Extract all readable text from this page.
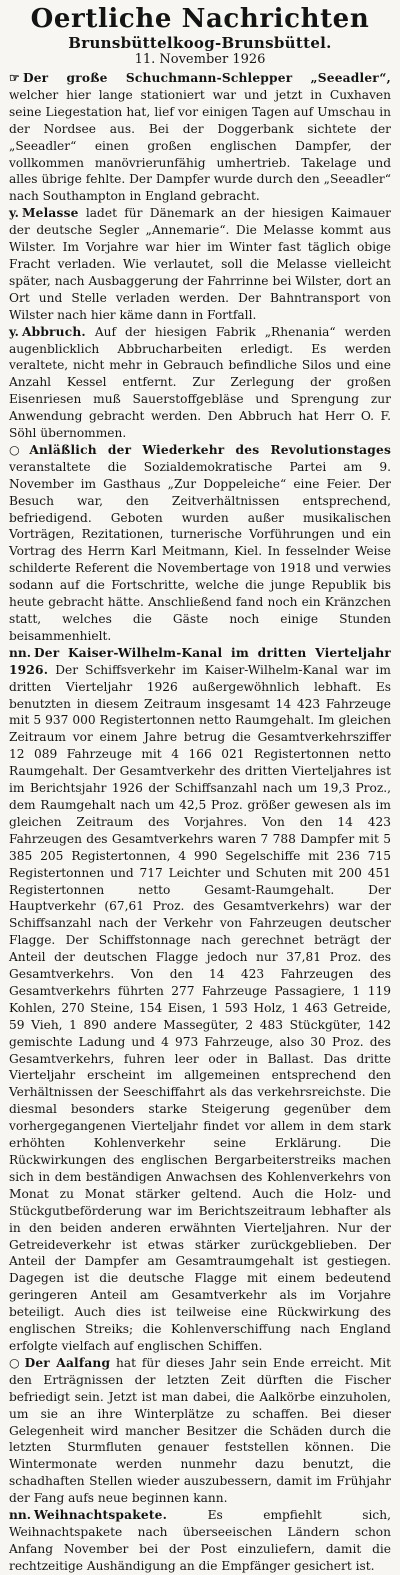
Oertliche Nachrichten
Brunsbüttelkoog-Brunsbüttel.
11. November 1926

☞ Der große Schuchmann-Schlepper „Seeadler“, welcher hier lange stationiert war und jetzt in Cuxhaven seine Liegestation hat, lief vor einigen Tagen auf Umschau in der Nordsee aus. Bei der Doggerbank sichtete der „Seeadler“ einen großen englischen Dampfer, der vollkommen manövrierunfähig umhertrieb. Takelage und alles übrige fehlte. Der Dampfer wurde durch den „Seeadler“ nach Southampton in England gebracht.

y. Melasse ladet für Dänemark an der hiesigen Kaimauer der deutsche Segler „Annemarie“. Die Melasse kommt aus Wilster. Im Vorjahre war hier im Winter fast täglich obige Fracht verladen. Wie verlautet, soll die Melasse vielleicht später, nach Ausbaggerung der Fahrrinne bei Wilster, dort an Ort und Stelle verladen werden. Der Bahntransport von Wilster nach hier käme dann in Fortfall.

y. Abbruch. Auf der hiesigen Fabrik „Rhenania“ werden augenblicklich Abbrucharbeiten erledigt. Es werden veraltete, nicht mehr in Gebrauch befindliche Silos und eine Anzahl Kessel entfernt. Zur Zerlegung der großen Eisenriesen muß Sauerstoffgebläse und Sprengung zur Anwendung gebracht werden. Den Abbruch hat Herr O. F. Söhl übernommen.

○ Anläßlich der Wiederkehr des Revolutionstages veranstaltete die Sozialdemokratische Partei am 9. November im Gasthaus „Zur Doppeleiche“ eine Feier. Der Besuch war, den Zeitverhältnissen entsprechend, befriedigend. Geboten wurden außer musikalischen Vorträgen, Rezitationen, turnerische Vorführungen und ein Vortrag des Herrn Karl Meitmann, Kiel. In fesselnder Weise schilderte Referent die Novembertage von 1918 und verwies sodann auf die Fortschritte, welche die junge Republik bis heute gebracht hätte. Anschließend fand noch ein Kränzchen statt, welches die Gäste noch einige Stunden beisammenhielt.

nn. Der Kaiser-Wilhelm-Kanal im dritten Vierteljahr 1926. Der Schiffsverkehr im Kaiser-Wilhelm-Kanal war im dritten Vierteljahr 1926 außergewöhnlich lebhaft. Es benutzten in diesem Zeitraum insgesamt 14 423 Fahrzeuge mit 5 937 000 Registertonnen netto Raumgehalt. Im gleichen Zeitraum vor einem Jahre betrug die Gesamtverkehrsziffer 12 089 Fahrzeuge mit 4 166 021 Registertonnen netto Raumgehalt. Der Gesamtverkehr des dritten Vierteljahres ist im Berichtsjahr 1926 der Schiffsanzahl nach um 19,3 Proz., dem Raumgehalt nach um 42,5 Proz. größer gewesen als im gleichen Zeitraum des Vorjahres. Von den 14 423 Fahrzeugen des Gesamtverkehrs waren 7 788 Dampfer mit 5 385 205 Registertonnen, 4 990 Segelschiffe mit 236 715 Registertonnen und 717 Leichter und Schuten mit 200 451 Registertonnen netto Gesamt-Raumgehalt. Der Hauptverkehr (67,61 Proz. des Gesamtverkehrs) war der Schiffsanzahl nach der Verkehr von Fahrzeugen deutscher Flagge. Der Schiffstonnage nach gerechnet beträgt der Anteil der deutschen Flagge jedoch nur 37,81 Proz. des Gesamtverkehrs. Von den 14 423 Fahrzeugen des Gesamtverkehrs führten 277 Fahrzeuge Passagiere, 1 119 Kohlen, 270 Steine, 154 Eisen, 1 593 Holz, 1 463 Getreide, 59 Vieh, 1 890 andere Massegüter, 2 483 Stückgüter, 142 gemischte Ladung und 4 973 Fahrzeuge, also 30 Proz. des Gesamtverkehrs, fuhren leer oder in Ballast. Das dritte Vierteljahr erscheint im allgemeinen entsprechend den Verhältnissen der Seeschiffahrt als das verkehrsreichste. Die diesmal besonders starke Steigerung gegenüber dem vorhergegangenen Vierteljahr findet vor allem in dem stark erhöhten Kohlenverkehr seine Erklärung. Die Rückwirkungen des englischen Bergarbeiterstreiks machen sich in dem beständigen Anwachsen des Kohlenverkehrs von Monat zu Monat stärker geltend. Auch die Holz- und Stückgutbeförderung war im Berichtszeitraum lebhafter als in den beiden anderen erwähnten Vierteljahren. Nur der Getreideverkehr ist etwas stärker zurückgeblieben. Der Anteil der Dampfer am Gesamtraumgehalt ist gestiegen. Dagegen ist die deutsche Flagge mit einem bedeutend geringeren Anteil am Gesamtverkehr als im Vorjahre beteiligt. Auch dies ist teilweise eine Rückwirkung des englischen Streiks; die Kohlenverschiffung nach England erfolgte vielfach auf englischen Schiffen.

○ Der Aalfang hat für dieses Jahr sein Ende erreicht. Mit den Erträgnissen der letzten Zeit dürften die Fischer befriedigt sein. Jetzt ist man dabei, die Aalkörbe einzuholen, um sie an ihre Winterplätze zu schaffen. Bei dieser Gelegenheit wird mancher Besitzer die Schäden durch die letzten Sturmfluten genauer feststellen können. Die Wintermonate werden nunmehr dazu benutzt, die schadhaften Stellen wieder auszubessern, damit im Frühjahr der Fang aufs neue beginnen kann.

nn. Weihnachtspakete. Es empfiehlt sich, Weihnachtspakete nach überseeischen Ländern schon Anfang November bei der Post einzuliefern, damit die rechtzeitige Aushändigung an die Empfänger gesichert ist.
